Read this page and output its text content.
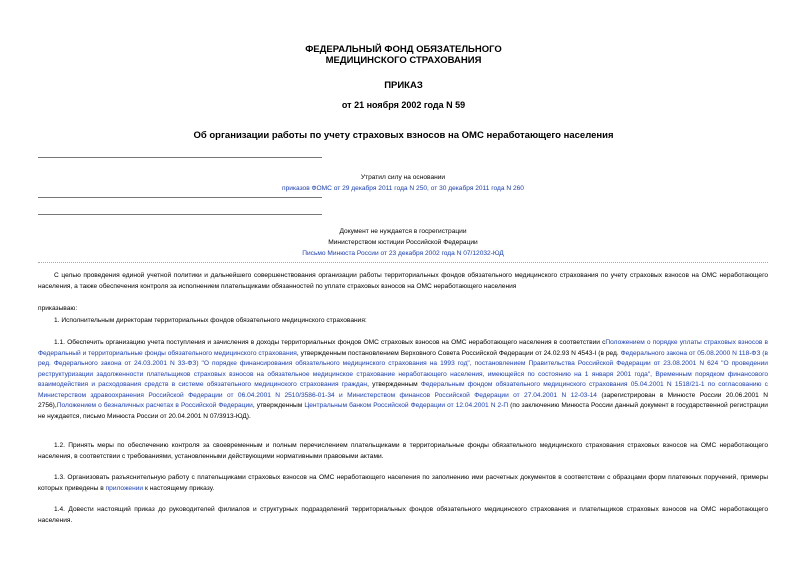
ФЕДЕРАЛЬНЫЙ ФОНД ОБЯЗАТЕЛЬНОГО
МЕДИЦИНСКОГО СТРАХОВАНИЯ
ПРИКАЗ
от 21 ноября 2002 года N 59
Об организации работы по учету страховых взносов на ОМС неработающего населения
Утратил силу на основании
приказов ФОМС от 29 декабря 2011 года N 250, от 30 декабря 2011 года N 260
Документ не нуждается в госрегистрации
Министерством юстиции Российской Федерации
Письмо Минюста России от 23 декабря 2002 года N 07/12032-ЮД
С целью проведения единой учетной политики и дальнейшего совершенствования организации работы территориальных фондов обязательного медицинского страхования по учету страховых взносов на ОМС неработающего населения, а также обеспечения контроля за исполнением плательщиками обязанностей по уплате страховых взносов на ОМС неработающего населения
приказываю:
1. Исполнительным директорам территориальных фондов обязательного медицинского страхования:
1.1. Обеспечить организацию учета поступления и зачисления в доходы территориальных фондов ОМС страховых взносов на ОМС неработающего населения в соответствии сПоложением о порядке уплаты страховых взносов в Федеральный и территориальные фонды обязательного медицинского страхования, утвержденным постановлением Верховного Совета Российской Федерации от 24.02.93 N 4543-I (в ред. Федерального закона от 05.08.2000 N 118-ФЗ (в ред. Федерального закона от 24.03.2001 N 33-ФЗ) "О порядке финансирования обязательного медицинского страхования на 1993 год", постановлением Правительства Российской Федерации от 23.08.2001 N 624 "О проведении реструктуризации задолженности плательщиков страховых взносов на обязательное медицинское страхование неработающего населения, имеющейся по состоянию на 1 января 2001 года", Временным порядком финансового взаимодействия и расходования средств в системе обязательного медицинского страхования граждан, утвержденным Федеральным фондом обязательного медицинского страхования 05.04.2001 N 1518/21-1 по согласованию с Министерством здравоохранения Российской Федерации от 06.04.2001 N 2510/3586-01-34 и Министерством финансов Российской Федерации от 27.04.2001 N 12-03-14 (зарегистрирован в Минюсте России 20.06.2001 N 2756),Положением о безналичных расчетах в Российской Федерации, утвержденным Центральным банком Российской Федерации от 12.04.2001 N 2-П (по заключению Минюста России данный документ в государственной регистрации не нуждается, письмо Минюста России от 20.04.2001 N 07/3913-ЮД).
1.2. Принять меры по обеспечению контроля за своевременным и полным перечислением плательщиками в территориальные фонды обязательного медицинского страхования страховых взносов на ОМС неработающего населения, в соответствии с требованиями, установленными действующими нормативными правовыми актами.
1.3. Организовать разъяснительную работу с плательщиками страховых взносов на ОМС неработающего населения по заполнению ими расчетных документов в соответствии с образцами форм платежных поручений, примеры которых приведены в приложении к настоящему приказу.
1.4. Довести настоящий приказ до руководителей филиалов и структурных подразделений территориальных фондов обязательного медицинского страхования и плательщиков страховых взносов на ОМС неработающего населения.
